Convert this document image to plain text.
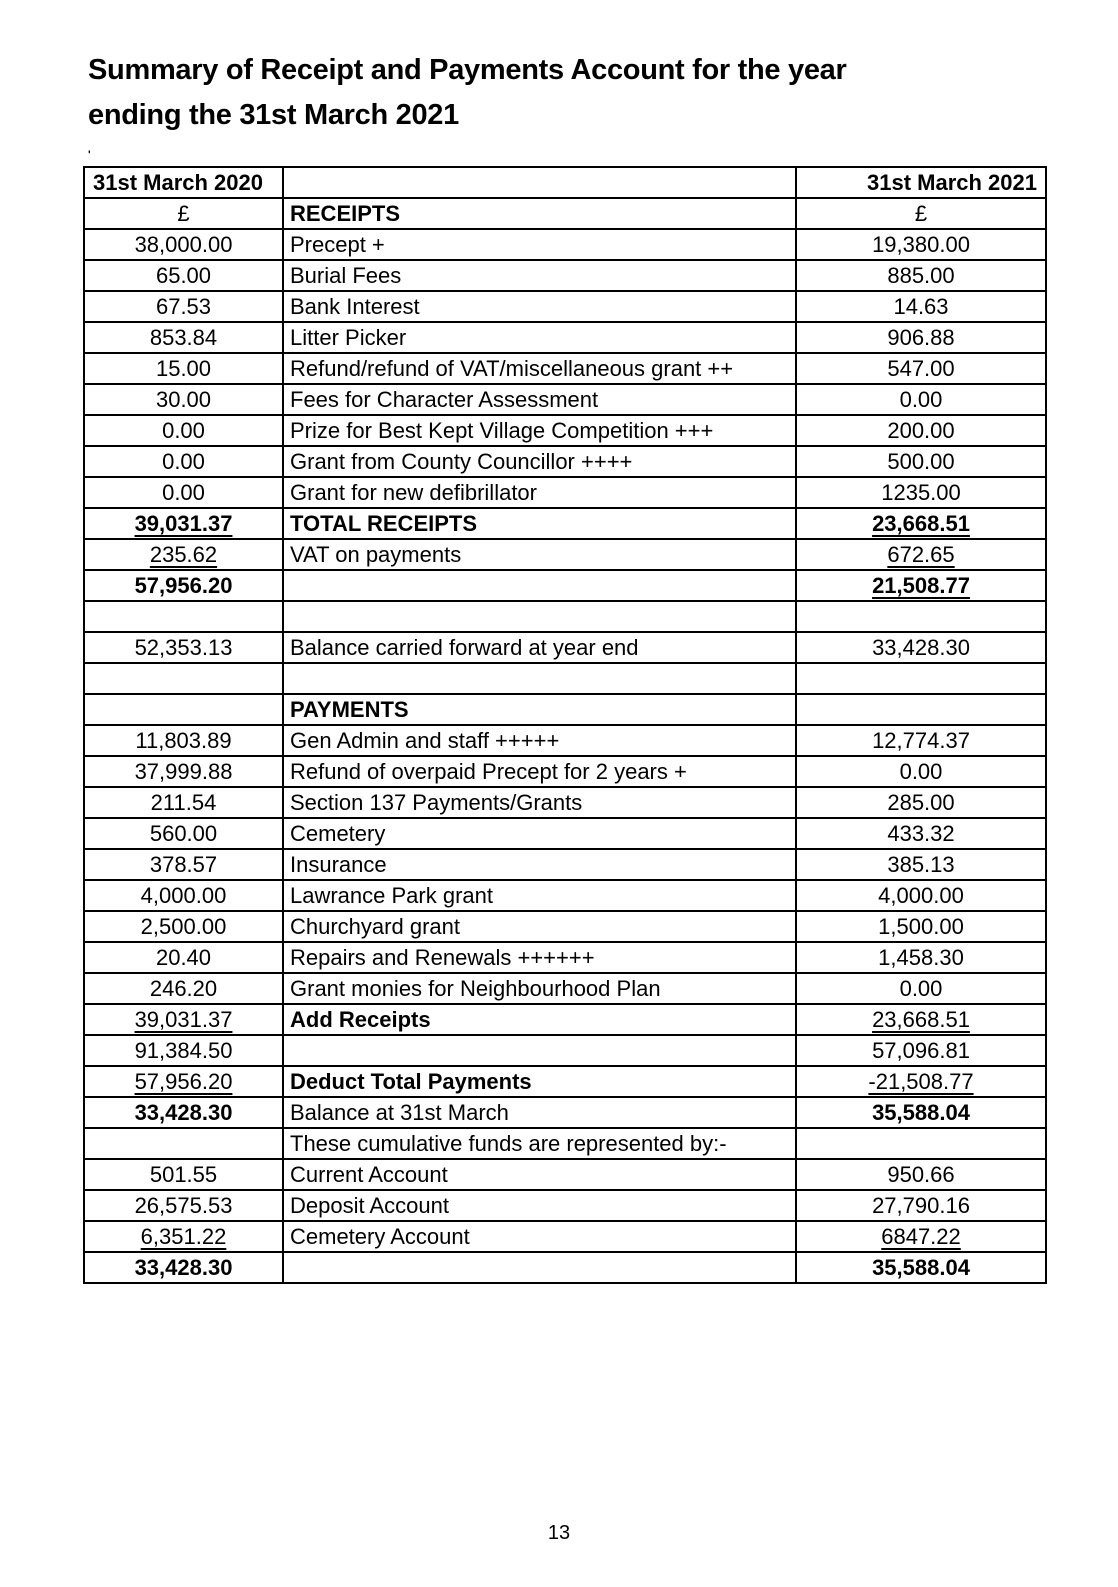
Summary of Receipt and Payments Account for the year
ending the 31st March 2021
'
31st March 2020		31st March 2021
£	RECEIPTS	£
38,000.00	Precept +	19,380.00
65.00	Burial Fees	885.00
67.53	Bank Interest	14.63
853.84	Litter Picker	906.88
15.00	Refund/refund of VAT/miscellaneous grant ++	547.00
30.00	Fees for Character Assessment	0.00
0.00	Prize for Best Kept Village Competition +++	200.00
0.00	Grant from County Councillor ++++	500.00
0.00	Grant for new defibrillator	1235.00
39,031.37	TOTAL RECEIPTS	23,668.51
235.62	VAT on payments	672.65
57,956.20		21,508.77

52,353.13	Balance carried forward at year end	33,428.30

	PAYMENTS	
11,803.89	Gen Admin and staff +++++	12,774.37
37,999.88	Refund of overpaid Precept for 2 years +	0.00
211.54	Section 137 Payments/Grants	285.00
560.00	Cemetery	433.32
378.57	Insurance	385.13
4,000.00	Lawrance Park grant	4,000.00
2,500.00	Churchyard grant	1,500.00
20.40	Repairs and Renewals ++++++	1,458.30
246.20	Grant monies for Neighbourhood Plan	0.00
39,031.37	Add Receipts	23,668.51
91,384.50		57,096.81
57,956.20	Deduct Total Payments	-21,508.77
33,428.30	Balance at 31st March	35,588.04
	These cumulative funds are represented by:-	
501.55	Current Account	950.66
26,575.53	Deposit Account	27,790.16
6,351.22	Cemetery Account	6847.22
33,428.30		35,588.04
13
